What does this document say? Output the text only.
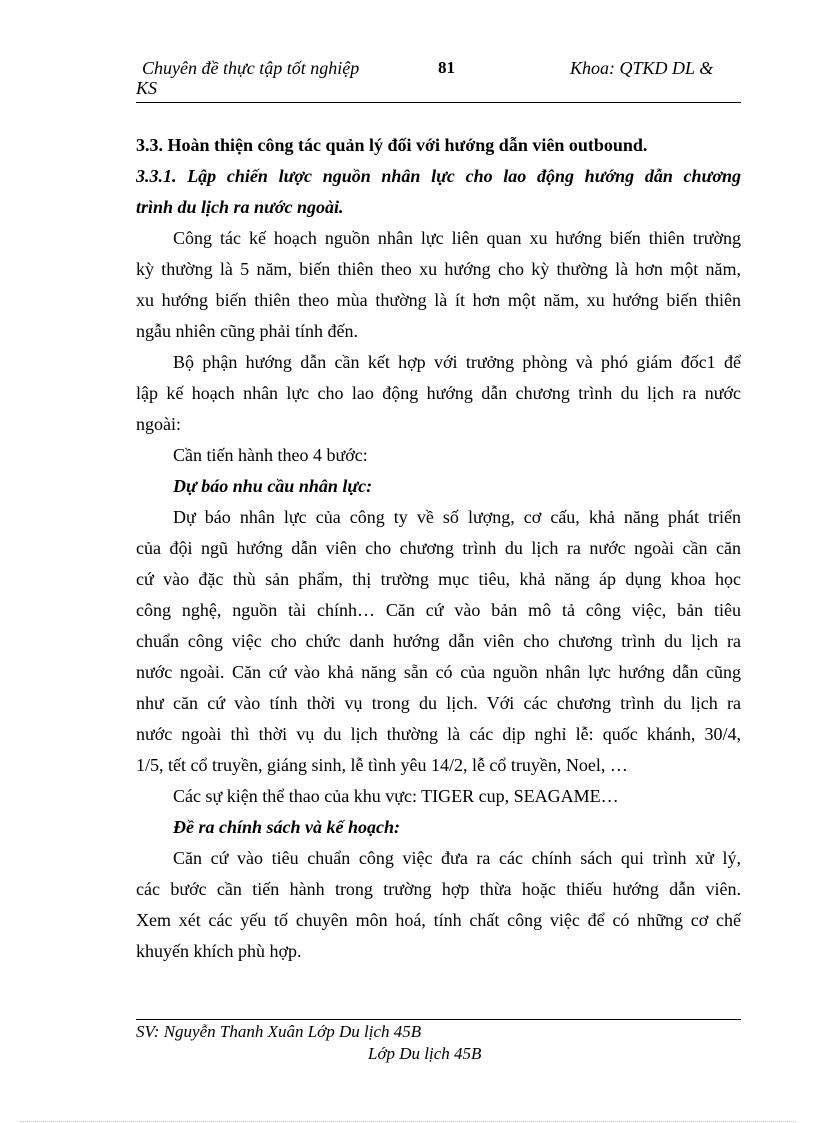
Chuyên đề thực tập tốt nghiệp	81	Khoa: QTKD DL &
KS
3.3. Hoàn thiện công tác quản lý đối với hướng dẫn viên outbound.
3.3.1. Lập chiến lược nguồn nhân lực cho lao động hướng dẫn chương
trình du lịch ra nước ngoài.
Công tác kế hoạch nguồn nhân lực liên quan xu hướng biến thiên trường
kỳ thường là 5 năm, biến thiên theo xu hướng cho kỳ thường là hơn một năm,
xu hướng biến thiên theo mùa thường là ít hơn một năm, xu hướng biến thiên
ngẫu nhiên cũng phải tính đến.
Bộ phận hướng dẫn cần kết hợp với trưởng phòng và phó giám đốc1 để
lập kế hoạch nhân lực cho lao động hướng dẫn chương trình du lịch ra nước
ngoài:
Cần tiến hành theo 4 bước:
Dự báo nhu cầu nhân lực:
Dự báo nhân lực của công ty về số lượng, cơ cấu, khả năng phát triển
của đội ngũ hướng dẫn viên cho chương trình du lịch ra nước ngoài cần căn
cứ vào đặc thù sản phẩm, thị trường mục tiêu, khả năng áp dụng khoa học
công nghệ, nguồn tài chính… Căn cứ vào bản mô tả công việc, bản tiêu
chuẩn công việc cho chức danh hướng dẫn viên cho chương trình du lịch ra
nước ngoài. Căn cứ vào khả năng sẵn có của nguồn nhân lực hướng dẫn cũng
như căn cứ vào tính thời vụ trong du lịch. Với các chương trình du lịch ra
nước ngoài thì thời vụ du lịch thường là các dịp nghỉ lễ: quốc khánh, 30/4,
1/5, tết cổ truyền, giáng sinh, lễ tình yêu 14/2, lễ cổ truyền, Noel, …
Các sự kiện thể thao của khu vực: TIGER cup, SEAGAME…
Đề ra chính sách và kế hoạch:
Căn cứ vào tiêu chuẩn công việc đưa ra các chính sách qui trình xử lý,
các bước cần tiến hành trong trường hợp thừa hoặc thiếu hướng dẫn viên.
Xem xét các yếu tố chuyên môn hoá, tính chất công việc để có những cơ chế
khuyến khích phù hợp.
SV: Nguyễn Thanh Xuân Lớp Du lịch 45B
Lớp Du lịch 45B
